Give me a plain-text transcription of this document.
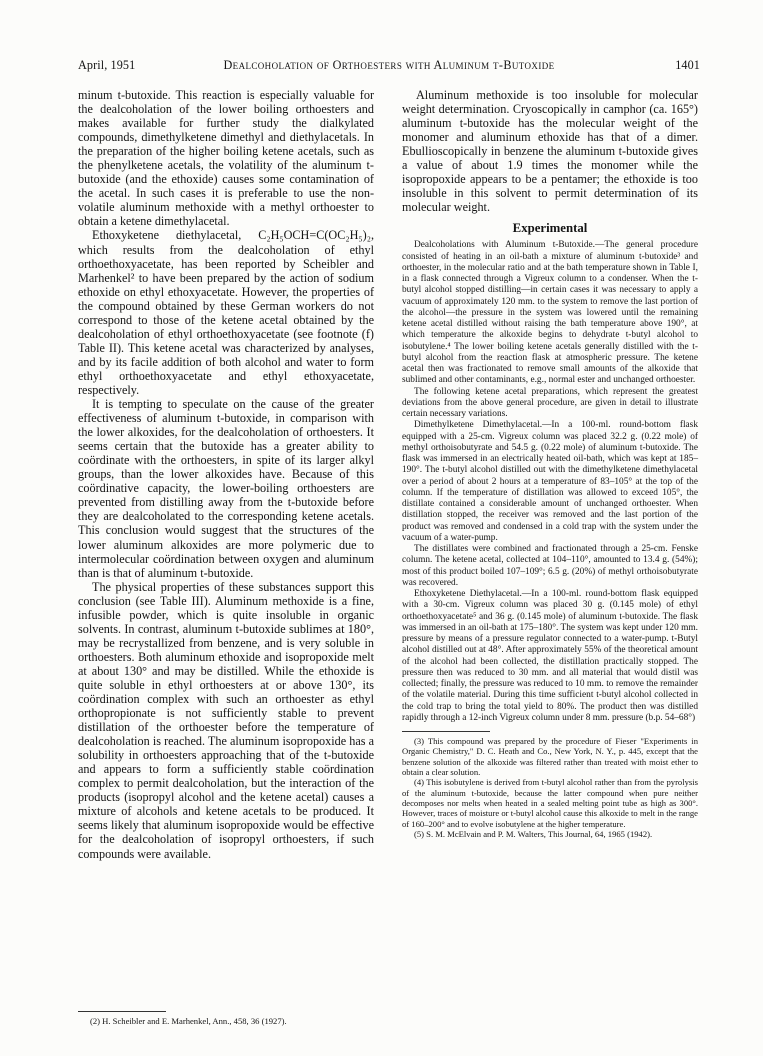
April, 1951	Dealcoholation of Orthoesters with Aluminum t-Butoxide	1401

minum t-butoxide. This reaction is especially valuable for the dealcoholation of the lower boiling orthoesters and makes available for further study the dialkylated compounds, dimethylketene dimethyl and diethylacetals. In the preparation of the higher boiling ketene acetals, such as the phenylketene acetals, the volatility of the aluminum t-butoxide (and the ethoxide) causes some contamination of the acetal. In such cases it is preferable to use the non-volatile aluminum methoxide with a methyl orthoester to obtain a ketene dimethylacetal.

Ethoxyketene diethylacetal, C₂H₅OCH=C(OC₂H₅)₂, which results from the dealcoholation of ethyl orthoethoxyacetate, has been reported by Scheibler and Marhenkel² to have been prepared by the action of sodium ethoxide on ethyl ethoxyacetate. However, the properties of the compound obtained by these German workers do not correspond to those of the ketene acetal obtained by the dealcoholation of ethyl orthoethoxyacetate (see footnote (f) Table II). This ketene acetal was characterized by analyses, and by its facile addition of both alcohol and water to form ethyl orthoethoxyacetate and ethyl ethoxyacetate, respectively.

It is tempting to speculate on the cause of the greater effectiveness of aluminum t-butoxide, in comparison with the lower alkoxides, for the dealcoholation of orthoesters. It seems certain that the butoxide has a greater ability to coördinate with the orthoesters, in spite of its larger alkyl groups, than the lower alkoxides have. Because of this coördinative capacity, the lower-boiling orthoesters are prevented from distilling away from the t-butoxide before they are dealcoholated to the corresponding ketene acetals. This conclusion would suggest that the structures of the lower aluminum alkoxides are more polymeric due to intermolecular coördination between oxygen and aluminum than is that of aluminum t-butoxide.

The physical properties of these substances support this conclusion (see Table III). Aluminum methoxide is a fine, infusible powder, which is quite insoluble in organic solvents. In contrast, aluminum t-butoxide sublimes at 180°, may be recrystallized from benzene, and is very soluble in orthoesters. Both aluminum ethoxide and isopropoxide melt at about 130° and may be distilled. While the ethoxide is quite soluble in ethyl orthoesters at or above 130°, its coördination complex with such an orthoester as ethyl orthopropionate is not sufficiently stable to prevent distillation of the orthoester before the temperature of dealcoholation is reached. The aluminum isopropoxide has a solubility in orthoesters approaching that of the t-butoxide and appears to form a sufficiently stable coördination complex to permit dealcoholation, but the interaction of the products (isopropyl alcohol and the ketene acetal) causes a mixture of alcohols and ketene acetals to be produced. It seems likely that aluminum isopropoxide would be effective for the dealcoholation of isopropyl orthoesters, if such compounds were available.

(2) H. Scheibler and E. Marhenkel, Ann., 458, 36 (1927).

Aluminum methoxide is too insoluble for molecular weight determination. Cryoscopically in camphor (ca. 165°) aluminum t-butoxide has the molecular weight of the monomer and aluminum ethoxide has that of a dimer. Ebullioscopically in benzene the aluminum t-butoxide gives a value of about 1.9 times the monomer while the isopropoxide appears to be a pentamer; the ethoxide is too insoluble in this solvent to permit determination of its molecular weight.

Experimental

Dealcoholations with Aluminum t-Butoxide.—The general procedure consisted of heating in an oil-bath a mixture of aluminum t-butoxide³ and orthoester, in the molecular ratio and at the bath temperature shown in Table I, in a flask connected through a Vigreux column to a condenser. When the t-butyl alcohol stopped distilling—in certain cases it was necessary to apply a vacuum of approximately 120 mm. to the system to remove the last portion of the alcohol—the pressure in the system was lowered until the remaining ketene acetal distilled without raising the bath temperature above 190°, at which temperature the alkoxide begins to dehydrate t-butyl alcohol to isobutylene.⁴ The lower boiling ketene acetals generally distilled with the t-butyl alcohol from the reaction flask at atmospheric pressure. The ketene acetal then was fractionated to remove small amounts of the alkoxide that sublimed and other contaminants, e.g., normal ester and unchanged orthoester.

The following ketene acetal preparations, which represent the greatest deviations from the above general procedure, are given in detail to illustrate certain necessary variations.

Dimethylketene Dimethylacetal.—In a 100-ml. round-bottom flask equipped with a 25-cm. Vigreux column was placed 32.2 g. (0.22 mole) of methyl orthoisobutyrate and 54.5 g. (0.22 mole) of aluminum t-butoxide. The flask was immersed in an electrically heated oil-bath, which was kept at 185–190°. The t-butyl alcohol distilled out with the dimethylketene dimethylacetal over a period of about 2 hours at a temperature of 83–105° at the top of the column. If the temperature of distillation was allowed to exceed 105°, the distillate contained a considerable amount of unchanged orthoester. When distillation stopped, the receiver was removed and the last portion of the product was removed and condensed in a cold trap with the system under the vacuum of a water-pump.

The distillates were combined and fractionated through a 25-cm. Fenske column. The ketene acetal, collected at 104–110°, amounted to 13.4 g. (54%); most of this product boiled 107–109°; 6.5 g. (20%) of methyl orthoisobutyrate was recovered.

Ethoxyketene Diethylacetal.—In a 100-ml. round-bottom flask equipped with a 30-cm. Vigreux column was placed 30 g. (0.145 mole) of ethyl orthoethoxyacetate⁵ and 36 g. (0.145 mole) of aluminum t-butoxide. The flask was immersed in an oil-bath at 175–180°. The system was kept under 120 mm. pressure by means of a pressure regulator connected to a water-pump. t-Butyl alcohol distilled out at 48°. After approximately 55% of the theoretical amount of the alcohol had been collected, the distillation practically stopped. The pressure then was reduced to 30 mm. and all material that would distil was collected; finally, the pressure was reduced to 10 mm. to remove the remainder of the volatile material. During this time sufficient t-butyl alcohol collected in the cold trap to bring the total yield to 80%. The product then was distilled rapidly through a 12-inch Vigreux column under 8 mm. pressure (b.p. 54–68°)

(3) This compound was prepared by the procedure of Fieser "Experiments in Organic Chemistry," D. C. Heath and Co., New York, N. Y., p. 445, except that the benzene solution of the alkoxide was filtered rather than treated with moist ether to obtain a clear solution.

(4) This isobutylene is derived from t-butyl alcohol rather than from the pyrolysis of the aluminum t-butoxide, because the latter compound when pure neither decomposes nor melts when heated in a sealed melting point tube as high as 300°. However, traces of moisture or t-butyl alcohol cause this alkoxide to melt in the range of 160–200° and to evolve isobutylene at the higher temperature.

(5) S. M. McElvain and P. M. Walters, This Journal, 64, 1965 (1942).
